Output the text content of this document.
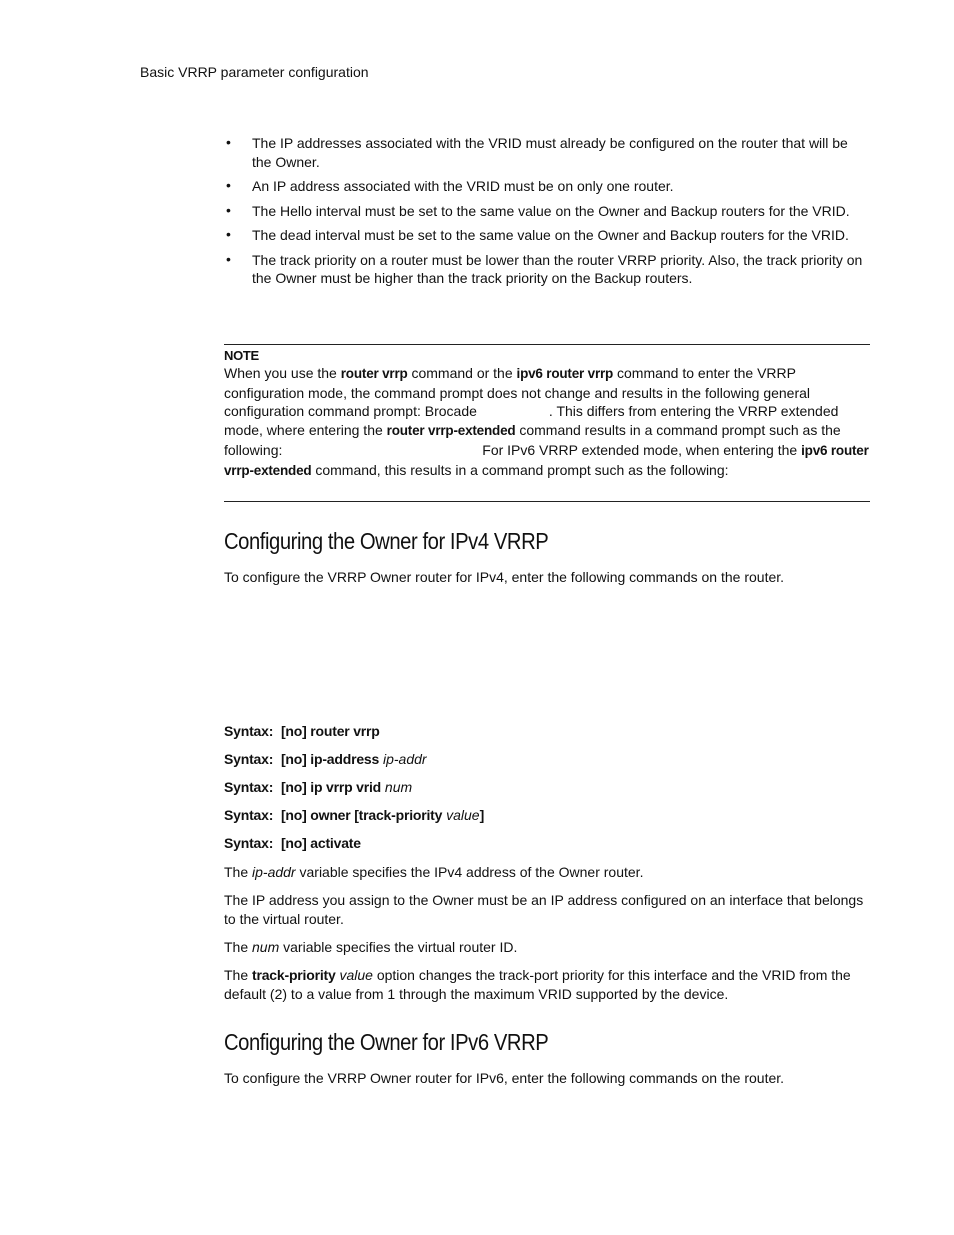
Basic VRRP parameter configuration
• The IP addresses associated with the VRID must already be configured on the router that will be the Owner.
• An IP address associated with the VRID must be on only one router.
• The Hello interval must be set to the same value on the Owner and Backup routers for the VRID.
• The dead interval must be set to the same value on the Owner and Backup routers for the VRID.
• The track priority on a router must be lower than the router VRRP priority. Also, the track priority on the Owner must be higher than the track priority on the Backup routers.
NOTE
When you use the router vrrp command or the ipv6 router vrrp command to enter the VRRP configuration mode, the command prompt does not change and results in the following general configuration command prompt: Brocade	. This differs from entering the VRRP extended mode, where entering the router vrrp-extended command results in a command prompt such as the following:	For IPv6 VRRP extended mode, when entering the ipv6 router vrrp-extended command, this results in a command prompt such as the following:
Configuring the Owner for IPv4 VRRP

To configure the VRRP Owner router for IPv4, enter the following commands on the router.

Syntax: [no] router vrrp
Syntax: [no] ip-address ip-addr
Syntax: [no] ip vrrp vrid num
Syntax: [no] owner [track-priority value]
Syntax: [no] activate

The ip-addr variable specifies the IPv4 address of the Owner router.

The IP address you assign to the Owner must be an IP address configured on an interface that belongs to the virtual router.

The num variable specifies the virtual router ID.

The track-priority value option changes the track-port priority for this interface and the VRID from the default (2) to a value from 1 through the maximum VRID supported by the device.

Configuring the Owner for IPv6 VRRP

To configure the VRRP Owner router for IPv6, enter the following commands on the router.
